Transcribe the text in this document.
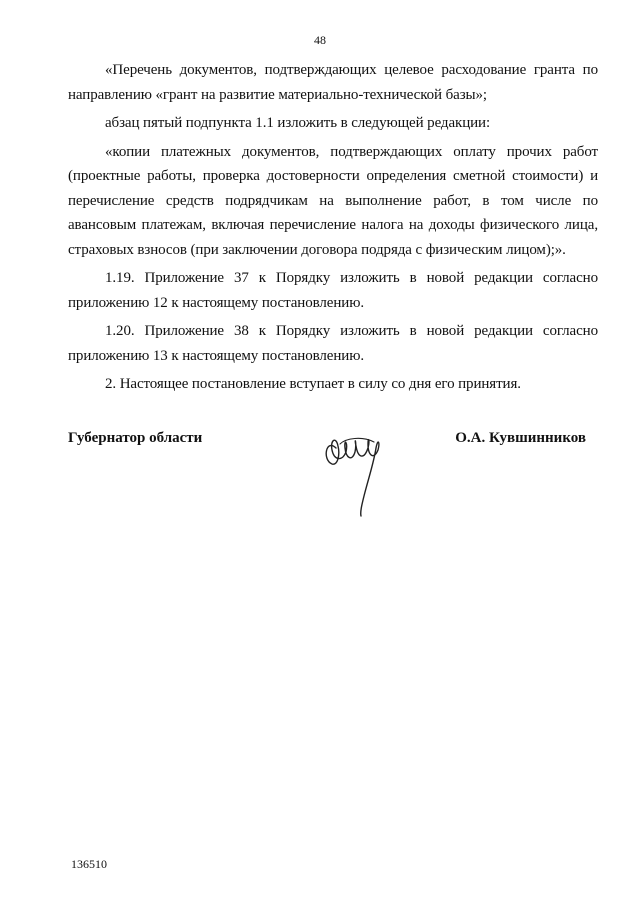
48

«Перечень документов, подтверждающих целевое расходование гранта по направлению «грант на развитие материально-технической базы»;

абзац пятый подпункта 1.1 изложить в следующей редакции:

«копии платежных документов, подтверждающих оплату прочих работ (проектные работы, проверка достоверности определения сметной стоимости) и перечисление средств подрядчикам на выполнение работ, в том числе по авансовым платежам, включая перечисление налога на доходы физического лица, страховых взносов (при заключении договора подряда с физическим лицом);».

1.19. Приложение 37 к Порядку изложить в новой редакции согласно приложению 12 к настоящему постановлению.

1.20. Приложение 38 к Порядку изложить в новой редакции согласно приложению 13 к настоящему постановлению.

2. Настоящее постановление вступает в силу со дня его принятия.

Губернатор области	О.А. Кувшинников
136510
